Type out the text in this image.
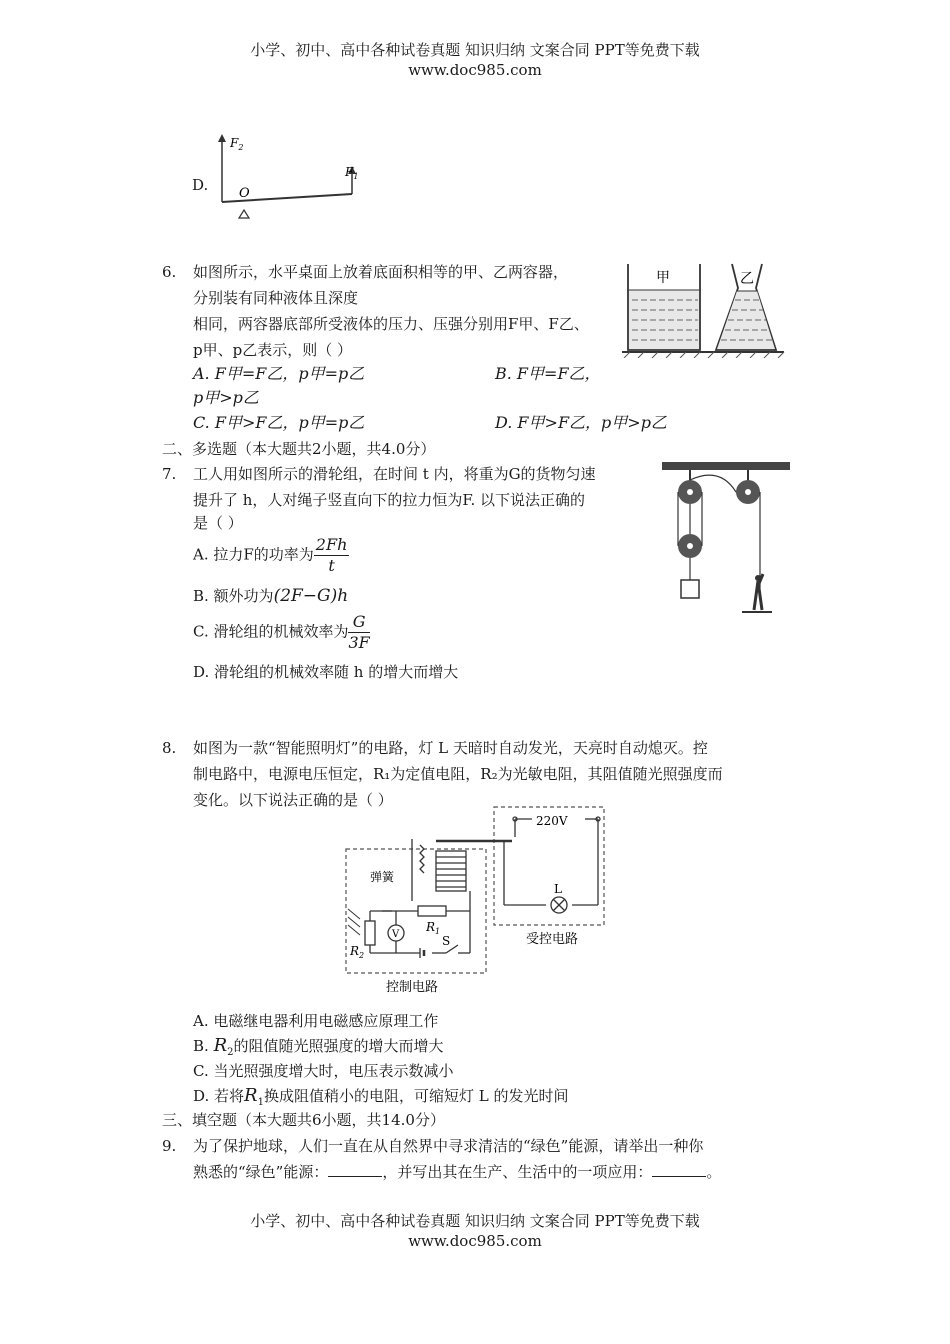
小学、初中、高中各种试卷真题 知识归纳 文案合同 PPT等免费下载
www.doc985.com
D.
$F_2$
$F_1$
O
6. 如图所示，水平桌面上放着底面积相等的甲、乙两容器，
分别装有同种液体且深度
相同，两容器底部所受液体的压力、压强分别用F甲、F乙、
p甲、p乙表示，则（ ）
A. F甲=F乙，p甲=p乙	B. F甲=F乙，
p甲>p乙
C. F甲>F乙，p甲=p乙	D. F甲>F乙，p甲>p乙
甲	乙
二、多选题（本大题共2小题，共4.0分）
7. 工人用如图所示的滑轮组，在时间 t 内，将重为G的货物匀速
提升了 h，人对绳子竖直向下的拉力恒为F. 以下说法正确的
是（ ）
A. 拉力F的功率为 $\frac{2Fh}{t}$
B. 额外功为(2F−G)h
C. 滑轮组的机械效率为 $\frac{G}{3F}$
D. 滑轮组的机械效率随 h 的增大而增大
8. 如图为一款“智能照明灯”的电路，灯 L 天暗时自动发光，天亮时自动熄灭。控
制电路中，电源电压恒定，R₁为定值电阻，R₂为光敏电阻，其阻值随光照强度而
变化。以下说法正确的是（ ）
220V
L
弹簧
$R_1$
S
$R_2$
V	受控电路
控制电路
A. 电磁继电器利用电磁感应原理工作
B. $R_2$的阻值随光照强度的增大而增大
C. 当光照强度增大时，电压表示数减小
D. 若将$R_1$换成阻值稍小的电阻，可缩短灯 L 的发光时间
三、填空题（本大题共6小题，共14.0分）
9. 为了保护地球，人们一直在从自然界中寻求清洁的“绿色”能源，请举出一种你
熟悉的“绿色”能源：	，并写出其在生产、生活中的一项应用：	。
小学、初中、高中各种试卷真题 知识归纳 文案合同 PPT等免费下载
www.doc985.com
